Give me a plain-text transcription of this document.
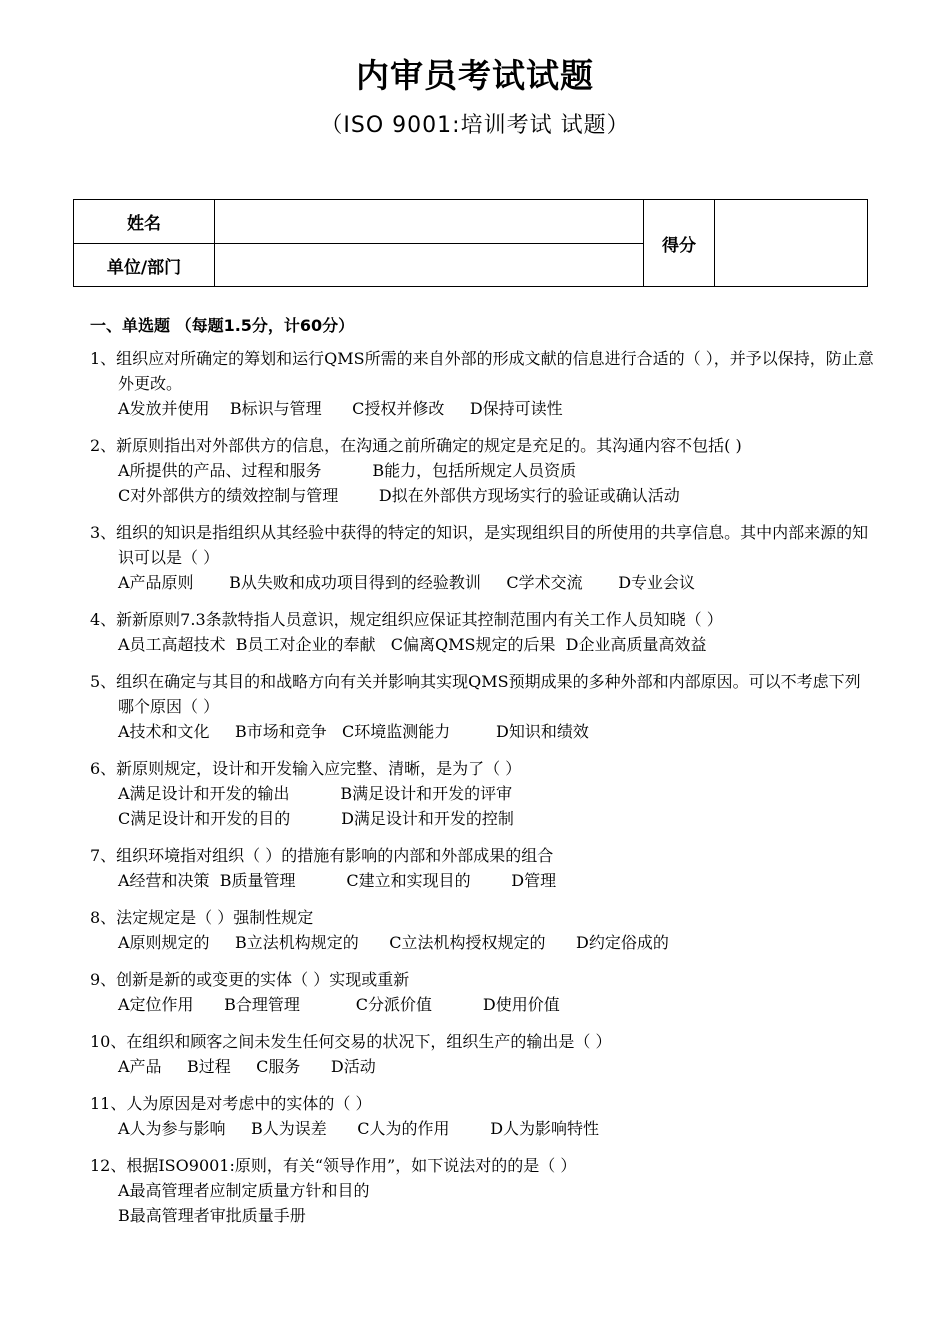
内审员考试试题
（ISO 9001:培训考试 试题）
姓名		得分	
单位/部门			
一、单选题 （每题1.5分，计60分）
1、组织应对所确定的筹划和运行QMS所需的来自外部的形成文献的信息进行合适的（ ），并予以保持，防止意外更改。
A发放并使用    B标识与管理      C授权并修改     D保持可读性
2、新原则指出对外部供方的信息，在沟通之前所确定的规定是充足的。其沟通内容不包括( )
A所提供的产品、过程和服务          B能力，包括所规定人员资质
C对外部供方的绩效控制与管理        D拟在外部供方现场实行的验证或确认活动
3、组织的知识是指组织从其经验中获得的特定的知识，是实现组织目的所使用的共享信息。其中内部来源的知识可以是（ ）
A产品原则       B从失败和成功项目得到的经验教训     C学术交流       D专业会议
4、新新原则7.3条款特指人员意识，规定组织应保证其控制范围内有关工作人员知晓（ ）
A员工高超技术  B员工对企业的奉献   C偏离QMS规定的后果  D企业高质量高效益
5、组织在确定与其目的和战略方向有关并影响其实现QMS预期成果的多种外部和内部原因。可以不考虑下列哪个原因（ ）
A技术和文化     B市场和竞争   C环境监测能力         D知识和绩效
6、新原则规定，设计和开发输入应完整、清晰，是为了（ ）
A满足设计和开发的输出          B满足设计和开发的评审
C满足设计和开发的目的          D满足设计和开发的控制
7、组织环境指对组织（ ）的措施有影响的内部和外部成果的组合
A经营和决策  B质量管理          C建立和实现目的        D管理
8、法定规定是（ ）强制性规定
A原则规定的     B立法机构规定的      C立法机构授权规定的      D约定俗成的
9、创新是新的或变更的实体（ ）实现或重新
A定位作用      B合理管理           C分派价值          D使用价值
10、在组织和顾客之间未发生任何交易的状况下，组织生产的输出是（ ）
A产品     B过程     C服务      D活动
11、人为原因是对考虑中的实体的（ ）
A人为参与影响     B人为误差      C人为的作用        D人为影响特性
12、根据ISO9001:原则，有关“领导作用”，如下说法对的的是（ ）
A最高管理者应制定质量方针和目的
B最高管理者审批质量手册
